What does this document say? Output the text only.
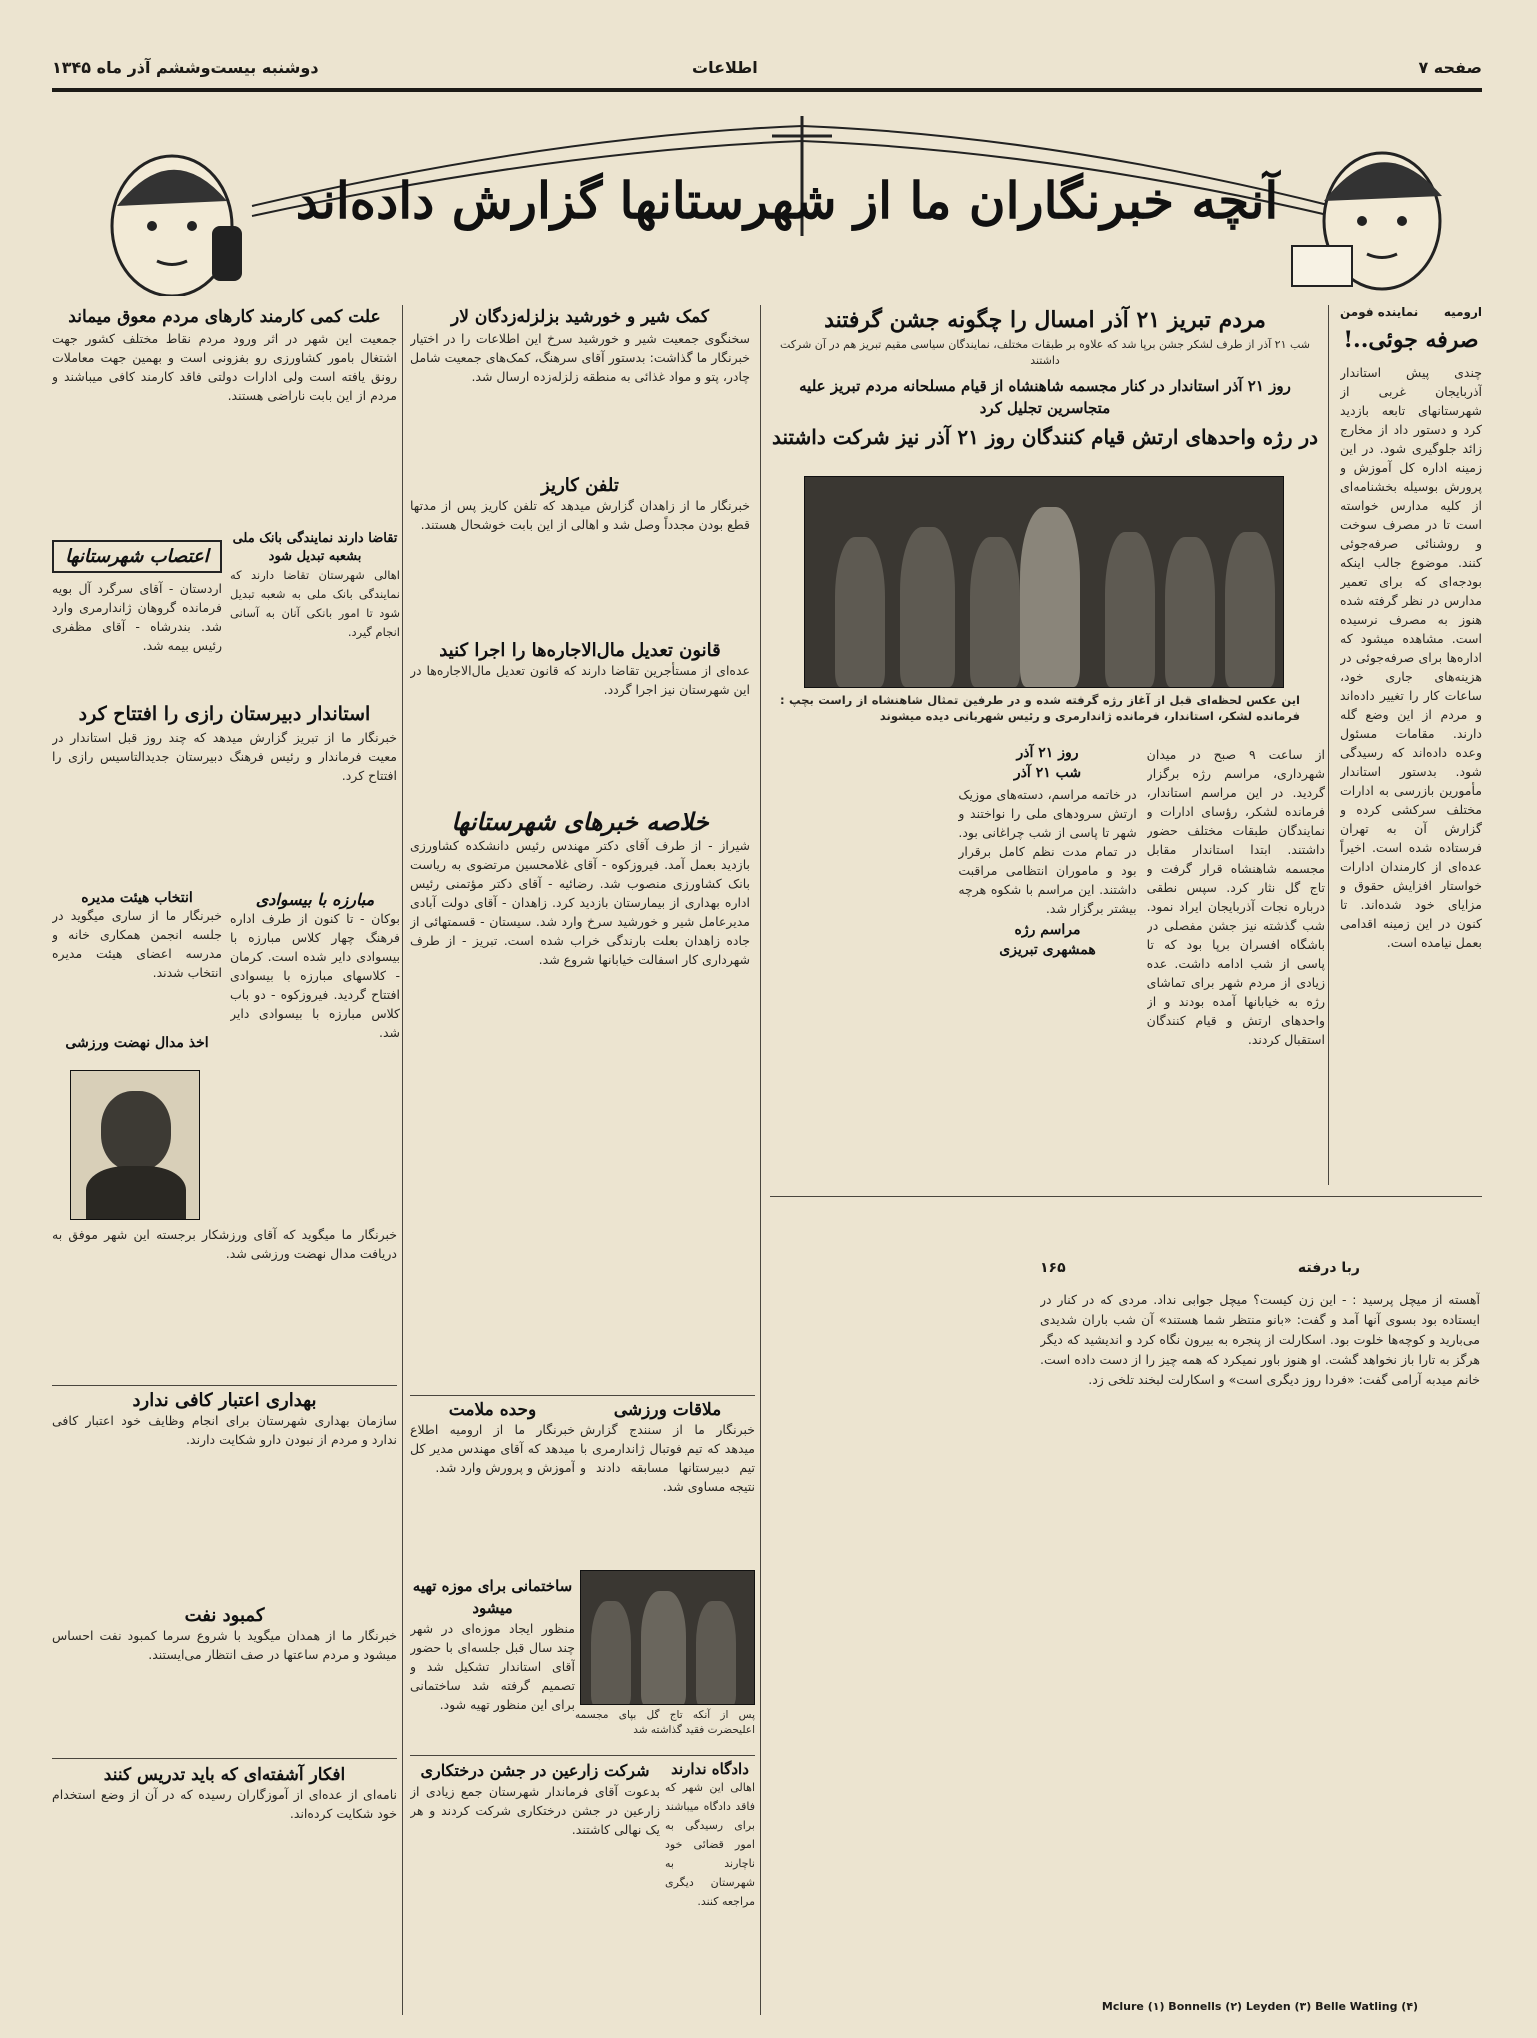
صفحه ۷
اطلاعات
دوشنبه بیست‌وششم آذر ماه ۱۳۴۵
آنچه خبرنگاران ما از شهرستانها گزارش داده‌اند
ارومیه
نماینده‌ فومن
صرفه جوئی..!
چندی پیش استاندار آذربایجان غربی از شهرستانهای تابعه بازدید کرد و دستور داد از مخارج زائد جلوگیری شود. در این زمینه اداره کل آموزش و پرورش بوسیله بخشنامه‌ای از کلیه مدارس خواسته است تا در مصرف سوخت و روشنائی صرفه‌جوئی کنند. موضوع جالب اینکه بودجه‌ای که برای تعمیر مدارس در نظر گرفته شده هنوز به مصرف نرسیده است. مشاهده میشود که اداره‌ها برای صرفه‌جوئی در هزینه‌های جاری خود، ساعات کار را تغییر داده‌اند و مردم از این وضع گله دارند. مقامات مسئول وعده داده‌اند که رسیدگی شود. بدستور استاندار مأمورین بازرسی به ادارات مختلف سرکشی کرده و گزارش آن به تهران فرستاده شده است. اخیراً عده‌ای از کارمندان ادارات خواستار افزایش حقوق و مزایای خود شده‌اند. تا کنون در این زمینه اقدامی بعمل نیامده است.
مردم تبریز ۲۱ آذر امسال را چگونه جشن گرفتند
شب ۲۱ آذر از طرف لشکر جشن برپا شد که علاوه بر طبقات مختلف، نمایندگان سیاسی مقیم تبریز هم در آن شرکت داشتند
روز ۲۱ آذر استاندار در کنار مجسمه شاهنشاه از قیام مسلحانه مردم تبریز علیه متجاسرین تجلیل کرد
در رژه واحدهای ارتش قیام کنندگان روز ۲۱ آذر نیز شرکت داشتند
این عکس لحظه‌ای قبل از آغاز رژه گرفته شده و در طرفین تمثال شاهنشاه از راست بچپ : فرمانده لشکر، استاندار، فرمانده ژاندارمری و رئیس شهربانی دیده میشوند
از ساعت ۹ صبح در میدان شهرداری، مراسم رژه برگزار گردید. در این مراسم استاندار، فرمانده لشکر، رؤسای ادارات و نمایندگان طبقات مختلف حضور داشتند. ابتدا استاندار مقابل مجسمه شاهنشاه قرار گرفت و تاج گل نثار کرد. سپس نطقی درباره نجات آذربایجان ایراد نمود. شب گذشته نیز جشن مفصلی در باشگاه افسران برپا بود که تا پاسی از شب ادامه داشت. عده زیادی از مردم شهر برای تماشای رژه به خیابانها آمده بودند و از واحدهای ارتش و قیام کنندگان استقبال کردند.
روز ۲۱ آذر
شب ۲۱ آذر
در خاتمه مراسم، دسته‌های موزیک ارتش سرودهای ملی را نواختند و شهر تا پاسی از شب چراغانی بود. در تمام مدت نظم کامل برقرار بود و ماموران انتظامی مراقبت داشتند. این مراسم با شکوه هرچه بیشتر برگزار شد.
مراسم رژه
همشهری تبریزی
۱۶۵	ربا درفته
آهسته از میچل پرسید : - این زن کیست؟ میچل جوابی نداد. مردی که در کنار در ایستاده بود بسوی آنها آمد و گفت: «بانو منتظر شما هستند» آن شب باران شدیدی می‌بارید و کوچه‌ها خلوت بود. اسکارلت از پنجره به بیرون نگاه کرد و اندیشید که دیگر هرگز به تارا باز نخواهد گشت. او هنوز باور نمیکرد که همه چیز را از دست داده است. خانم میدبه آرامی گفت: «فردا روز دیگری است» و اسکارلت لبخند تلخی زد.
Mclure (۱) Bonnells (۲) Leyden (۳) Belle Watling (۴)
کمک شیر و خورشید بزلزله‌زدگان لار
سخنگوی جمعیت شیر و خورشید سرخ این اطلاعات را در اختیار خبرنگار ما گذاشت: بدستور آقای سرهنگ، کمک‌های جمعیت شامل چادر، پتو و مواد غذائی به منطقه زلزله‌زده ارسال شد.
تلفن کاریز
خبرنگار ما از زاهدان گزارش میدهد که تلفن کاریز پس از مدتها قطع بودن مجدداً وصل شد و اهالی از این بابت خوشحال هستند.
قانون تعدیل مال‌الاجاره‌ها را اجرا کنید
عده‌ای از مستأجرین تقاضا دارند که قانون تعدیل مال‌الاجاره‌ها در این شهرستان نیز اجرا گردد.
خلاصه خبرهای شهرستانها
شیراز - از طرف آقای دکتر مهندس رئیس دانشکده کشاورزی بازدید بعمل آمد. فیروزکوه - آقای غلامحسین مرتضوی به ریاست بانک کشاورزی منصوب شد. رضائیه - آقای دکتر مؤتمنی رئیس اداره بهداری از بیمارستان بازدید کرد. زاهدان - آقای دولت آبادی مدیرعامل شیر و خورشید سرخ وارد شد. سیستان - قسمتهائی از جاده زاهدان بعلت بارندگی خراب شده است. تبریز - از طرف شهرداری کار اسفالت خیابانها شروع شد.
تقاضا دارند نمایندگی بانک ملی بشعبه تبدیل شود
اهالی شهرستان تقاضا دارند که نمایندگی بانک ملی به شعبه تبدیل شود تا امور بانکی آنان به آسانی انجام گیرد.
ملاقات ورزشی
خبرنگار ما از سنندج گزارش میدهد که تیم فوتبال ژاندارمری با تیم دبیرستانها مسابقه دادند و نتیجه مساوی شد.
وحده ملامت
خبرنگار ما از ارومیه اطلاع میدهد که آقای مهندس مدیر کل آموزش و پرورش وارد شد.
پس از آنکه تاج گل بپای مجسمه اعلیحضرت فقید گذاشته شد
ساختمانی برای موزه تهیه میشود
منظور ایجاد موزه‌ای در شهر چند سال قبل جلسه‌ای با حضور آقای استاندار تشکیل شد و تصمیم گرفته شد ساختمانی برای این منظور تهیه شود.
شرکت زارعین در جشن درختکاری
بدعوت آقای فرماندار شهرستان جمع زیادی از زارعین در جشن درختکاری شرکت کردند و هر یک نهالی کاشتند.
دادگاه ندارند
اهالی این شهر که فاقد دادگاه میباشند برای رسیدگی به امور قضائی خود ناچارند به شهرستان دیگری مراجعه کنند.
علت کمی کارمند کارهای مردم معوق میماند
جمعیت این شهر در اثر ورود مردم نقاط مختلف کشور جهت اشتغال بامور کشاورزی رو بفزونی است و بهمین جهت معاملات رونق یافته است ولی ادارات دولتی فاقد کارمند کافی میباشند و مردم از این بابت ناراضی هستند.
اعتصاب شهرستانها
اردستان - آقای سرگرد آل بویه فرمانده گروهان ژاندارمری وارد شد. بندرشاه - آقای مظفری رئیس بیمه شد.
استاندار دبیرستان رازی را افتتاح کرد
خبرنگار ما از تبریز گزارش میدهد که چند روز قبل استاندار در معیت فرماندار و رئیس فرهنگ دبیرستان جدیدالتاسیس رازی را افتتاح کرد.
انتخاب هیئت مدیره
خبرنگار ما از ساری میگوید در جلسه انجمن همکاری خانه و مدرسه اعضای هیئت مدیره انتخاب شدند.
مبارزه با بیسوادی
بوکان - تا کنون از طرف اداره فرهنگ چهار کلاس مبارزه با بیسوادی دایر شده است. کرمان - کلاسهای مبارزه با بیسوادی افتتاح گردید. فیروزکوه - دو باب کلاس مبارزه با بیسوادی دایر شد.
اخذ مدال نهضت ورزشی
خبرنگار ما میگوید که آقای ورزشکار برجسته این شهر موفق به دریافت مدال نهضت ورزشی شد.
بهداری اعتبار کافی ندارد
سازمان بهداری شهرستان برای انجام وظایف خود اعتبار کافی ندارد و مردم از نبودن دارو شکایت دارند.
کمبود نفت
خبرنگار ما از همدان میگوید با شروع سرما کمبود نفت احساس میشود و مردم ساعتها در صف انتظار می‌ایستند.
افکار آشفته‌ای که باید تدریس کنند
نامه‌ای از عده‌ای از آموزگاران رسیده که در آن از وضع استخدام خود شکایت کرده‌اند.
